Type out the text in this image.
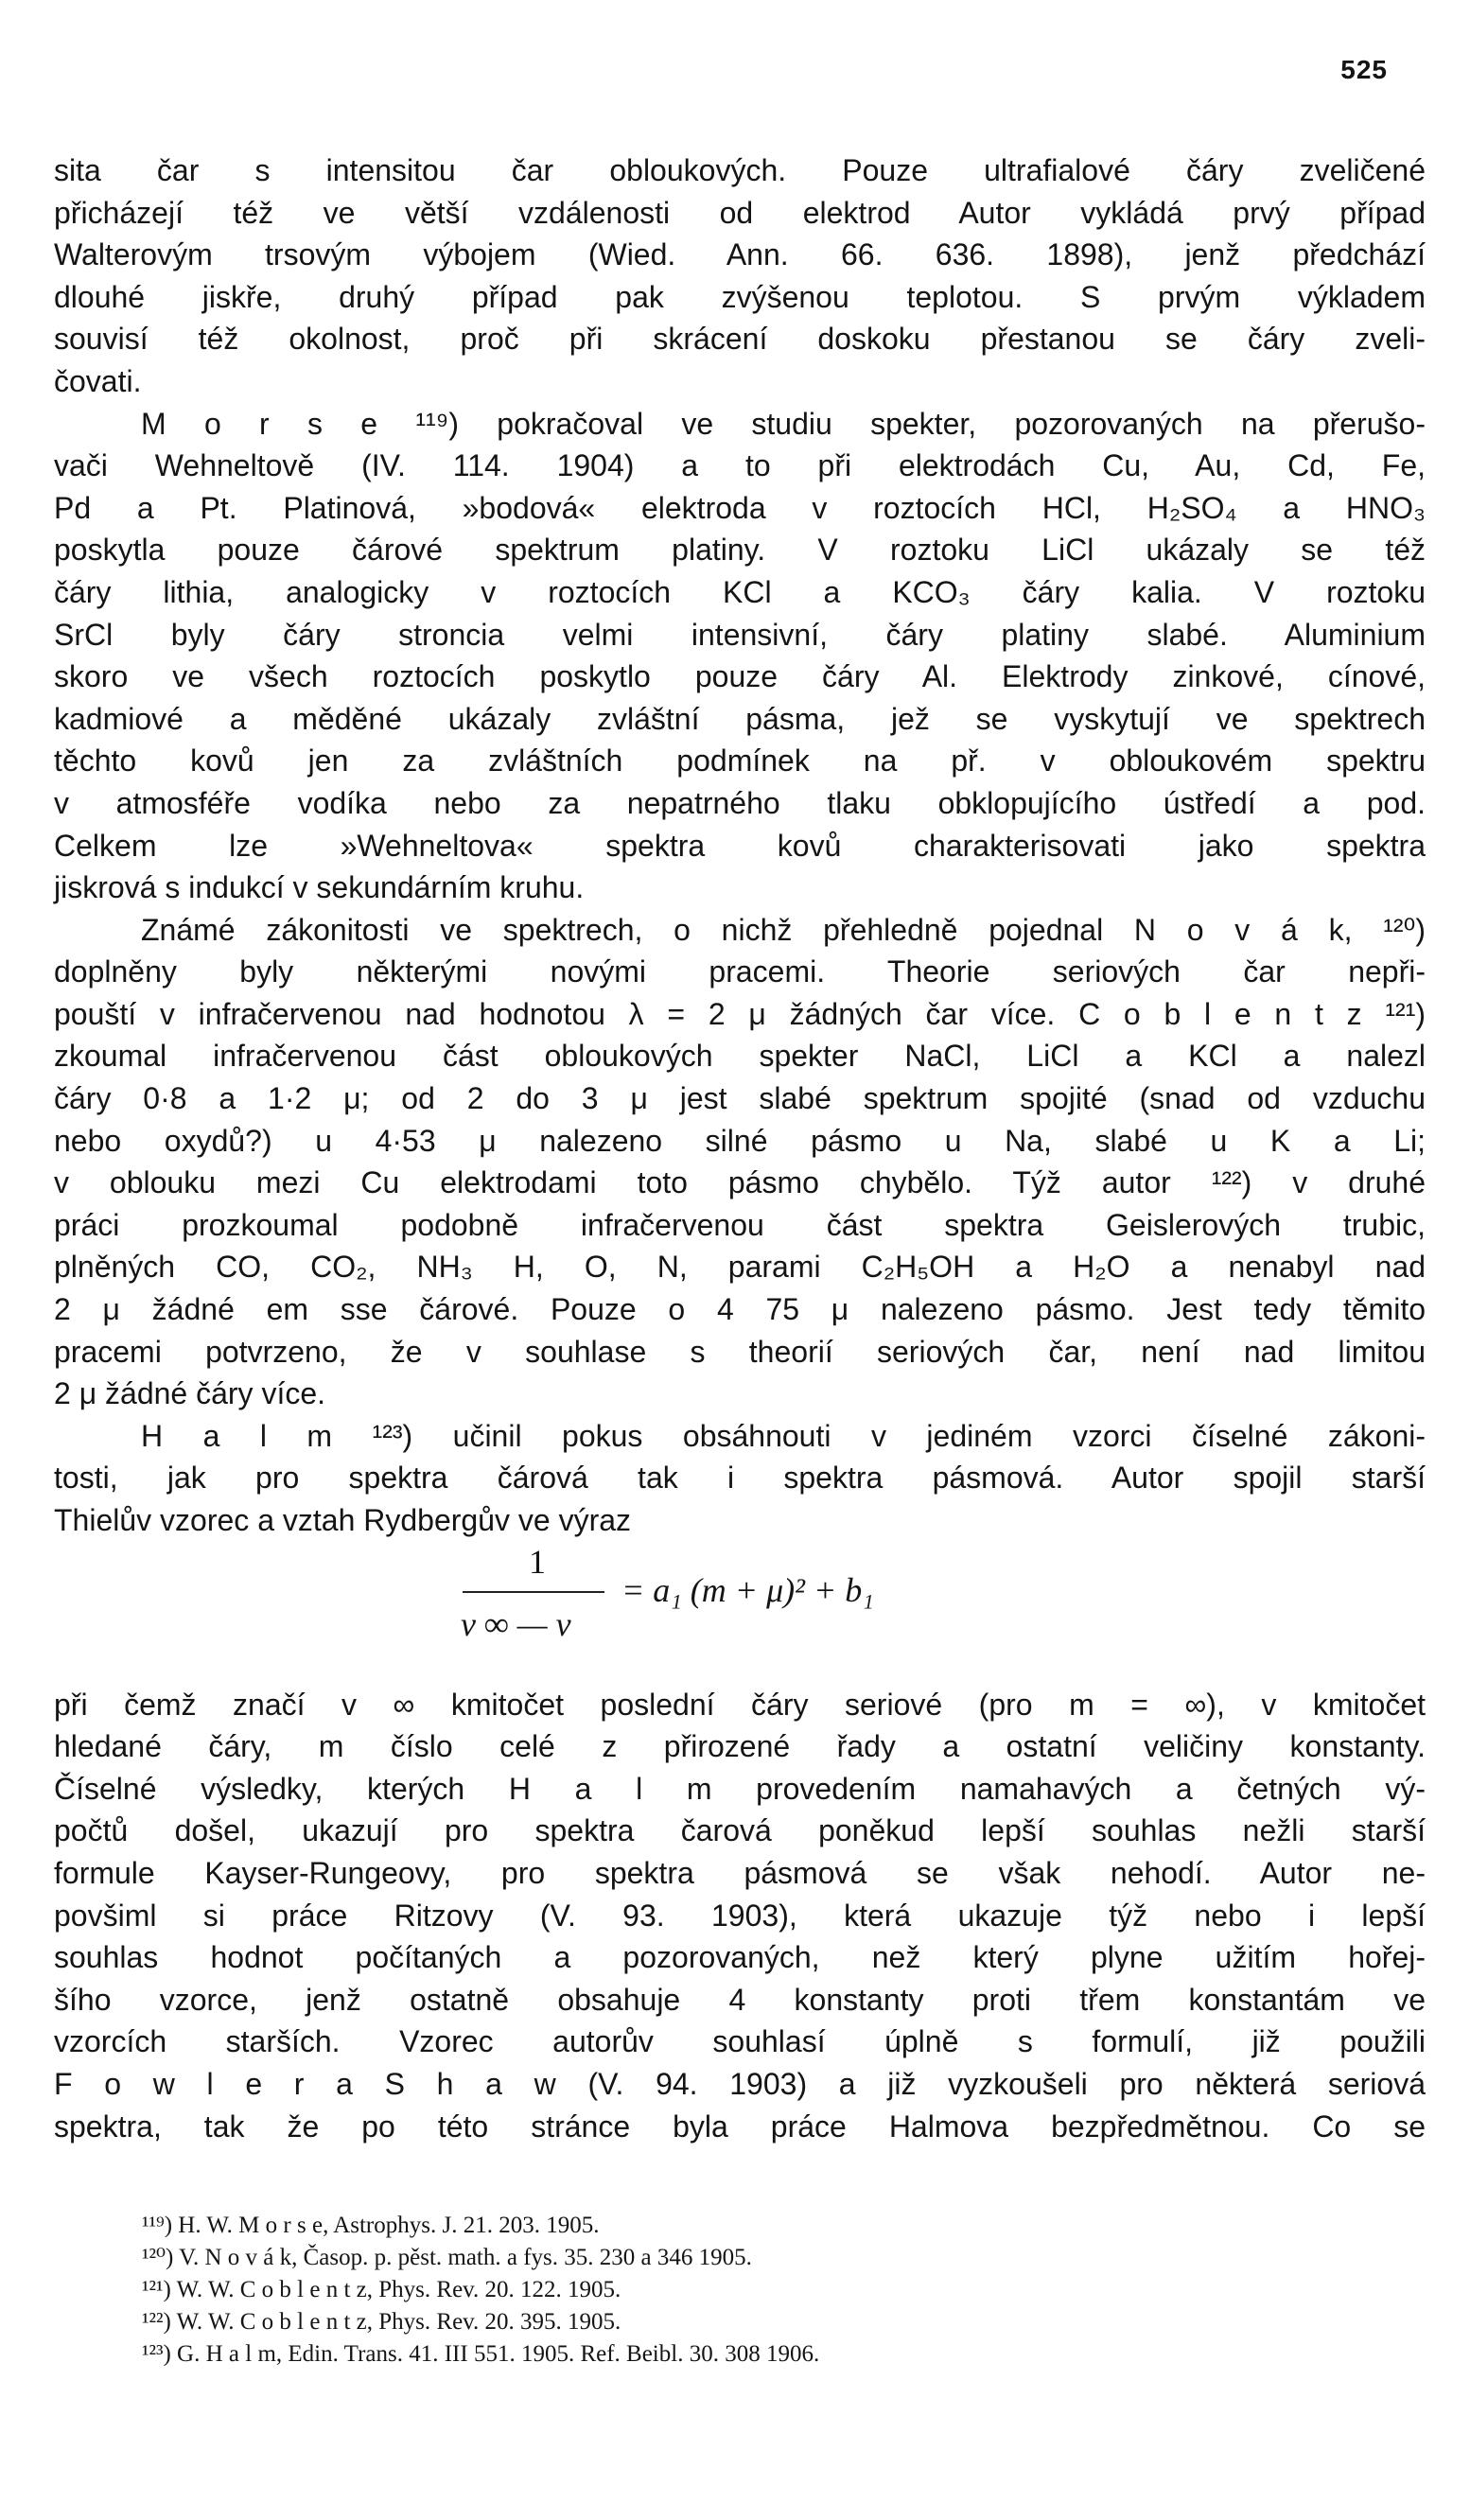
525
sita čar s intensitou čar obloukových. Pouze ultrafialové čáry zveličené
přicházejí též ve větší vzdálenosti od elektrod Autor vykládá prvý případ
Walterovým trsovým výbojem (Wied. Ann. 66. 636. 1898), jenž předchází
dlouhé jiskře, druhý případ pak zvýšenou teplotou. S prvým výkladem
souvisí též okolnost, proč při skrácení doskoku přestanou se čáry zveli-
čovati.
M o r s e ¹¹⁹) pokračoval ve studiu spekter, pozorovaných na přerušo-
vači Wehneltově (IV. 114. 1904) a to při elektrodách Cu, Au, Cd, Fe,
Pd a Pt. Platinová, »bodová« elektroda v roztocích HCl, H₂SO₄ a HNO₃
poskytla pouze čárové spektrum platiny. V roztoku LiCl ukázaly se též
čáry lithia, analogicky v roztocích KCl a KCO₃ čáry kalia. V roztoku
SrCl byly čáry stroncia velmi intensivní, čáry platiny slabé. Aluminium
skoro ve všech roztocích poskytlo pouze čáry Al. Elektrody zinkové, cínové,
kadmiové a měděné ukázaly zvláštní pásma, jež se vyskytují ve spektrech
těchto kovů jen za zvláštních podmínek na př. v obloukovém spektru
v atmosféře vodíka nebo za nepatrného tlaku obklopujícího ústředí a pod.
Celkem lze »Wehneltova« spektra kovů charakterisovati jako spektra
jiskrová s indukcí v sekundárním kruhu.
Známé zákonitosti ve spektrech, o nichž přehledně pojednal N o v á k, ¹²⁰)
doplněny byly některými novými pracemi. Theorie seriových čar nepři-
pouští v infračervenou nad hodnotou λ = 2 μ žádných čar více. C o b l e n t z ¹²¹)
zkoumal infračervenou část obloukových spekter NaCl, LiCl a KCl a nalezl
čáry 0·8 a 1·2 μ; od 2 do 3 μ jest slabé spektrum spojité (snad od vzduchu
nebo oxydů?) u 4·53 μ nalezeno silné pásmo u Na, slabé u K a Li;
v oblouku mezi Cu elektrodami toto pásmo chybělo. Týž autor ¹²²) v druhé
práci prozkoumal podobně infračervenou část spektra Geislerových trubic,
plněných CO, CO₂, NH₃ H, O, N, parami C₂H₅OH a H₂O a nenabyl nad
2 μ žádné em sse čárové. Pouze o 4 75 μ nalezeno pásmo. Jest tedy těmito
pracemi potvrzeno, že v souhlase s theorií seriových čar, není nad limitou
2 μ žádné čáry více.
H a l m ¹²³) učinil pokus obsáhnouti v jediném vzorci číselné zákoni-
tosti, jak pro spektra čárová tak i spektra pásmová. Autor spojil starší
Thielův vzorec a vztah Rydbergův ve výraz
1
v ∞ — v
= a₁ (m + μ)² + b₁
při čemž značí v ∞ kmitočet poslední čáry seriové (pro m = ∞), v kmitočet
hledané čáry, m číslo celé z přirozené řady a ostatní veličiny konstanty.
Číselné výsledky, kterých H a l m provedením namahavých a četných vý-
počtů došel, ukazují pro spektra čarová poněkud lepší souhlas nežli starší
formule Kayser-Rungeovy, pro spektra pásmová se však nehodí. Autor ne-
povšiml si práce Ritzovy (V. 93. 1903), která ukazuje týž nebo i lepší
souhlas hodnot počítaných a pozorovaných, než který plyne užitím hořej-
šího vzorce, jenž ostatně obsahuje 4 konstanty proti třem konstantám ve
vzorcích starších. Vzorec autorův souhlasí úplně s formulí, již použili
F o w l e r a S h a w (V. 94. 1903) a již vyzkoušeli pro některá seriová
spektra, tak že po této stránce byla práce Halmova bezpředmětnou. Co se
¹¹⁹) H. W. M o r s e, Astrophys. J. 21. 203. 1905.
¹²⁰) V. N o v á k, Časop. p. pěst. math. a fys. 35. 230 a 346 1905.
¹²¹) W. W. C o b l e n t z, Phys. Rev. 20. 122. 1905.
¹²²) W. W. C o b l e n t z, Phys. Rev. 20. 395. 1905.
¹²³) G. H a l m, Edin. Trans. 41. III 551. 1905. Ref. Beibl. 30. 308 1906.
